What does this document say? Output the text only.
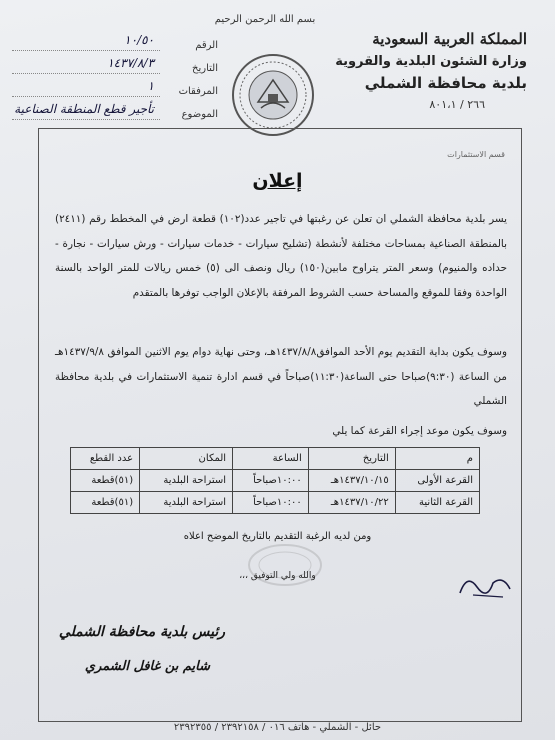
المملكة العربية السعودية
وزارة الشئون البلدية والقروية
بلدية محافظة الشملي
٢٦٦ / ٨٠١،١
بسم الله الرحمن الرحيم
الرقم
١٠/٥٠
التاريخ
١٤٣٧/٨/٣
المرفقات
١
الموضوع
تأجير قطع المنطقة الصناعية
قسم الاستثمارات
إعلان
يسر بلدية محافظة الشملي ان تعلن عن رغبتها في تاجير عدد(١٠٢) قطعة ارض في المخطط رقم (٢٤١١) بالمنطقة الصناعية بمساحات مختلفة لأنشطة (تشليح سيارات - خدمات سيارات - ورش سيارات - نجارة - حداده والمنيوم) وسعر المتر يتراوح مابين(١٥٠) ريال ونصف الى (٥) خمس ريالات للمتر الواحد بالسنة الواحدة وفقا للموقع والمساحة حسب الشروط المرفقة بالإعلان الواجب توفرها بالمتقدم
وسوف يكون بداية التقديم يوم الأحد الموافق١٤٣٧/٨/٨هـ، وحتى نهاية دوام يوم الاثنين الموافق ١٤٣٧/٩/٨هـ من الساعة (٩:٣٠)صباحا حتى الساعة(١١:٣٠)صباحاً في قسم ادارة تنمية الاستثمارات في بلدية محافظة الشملي
وسوف يكون موعد إجراء القرعة كما يلي
م	التاريخ	الساعة	المكان	عدد القطع
القرعة الأولى	١٤٣٧/١٠/١٥هـ	١٠:٠٠صباحاً	استراحة البلدية	(٥١)قطعة
القرعة الثانية	١٤٣٧/١٠/٢٢هـ	١٠:٠٠صباحاً	استراحة البلدية	(٥١)قطعة
ومن لديه الرغبة التقديم بالتاريخ الموضح اعلاه
والله ولي التوفيق ،،،
رئيس بلدية محافظة الشملي
شايم بن غافل الشمري
حائل - الشملي - هاتف ٠١٦ / ٢٣٩٢١٥٨ / ٢٣٩٢٣٥٥
